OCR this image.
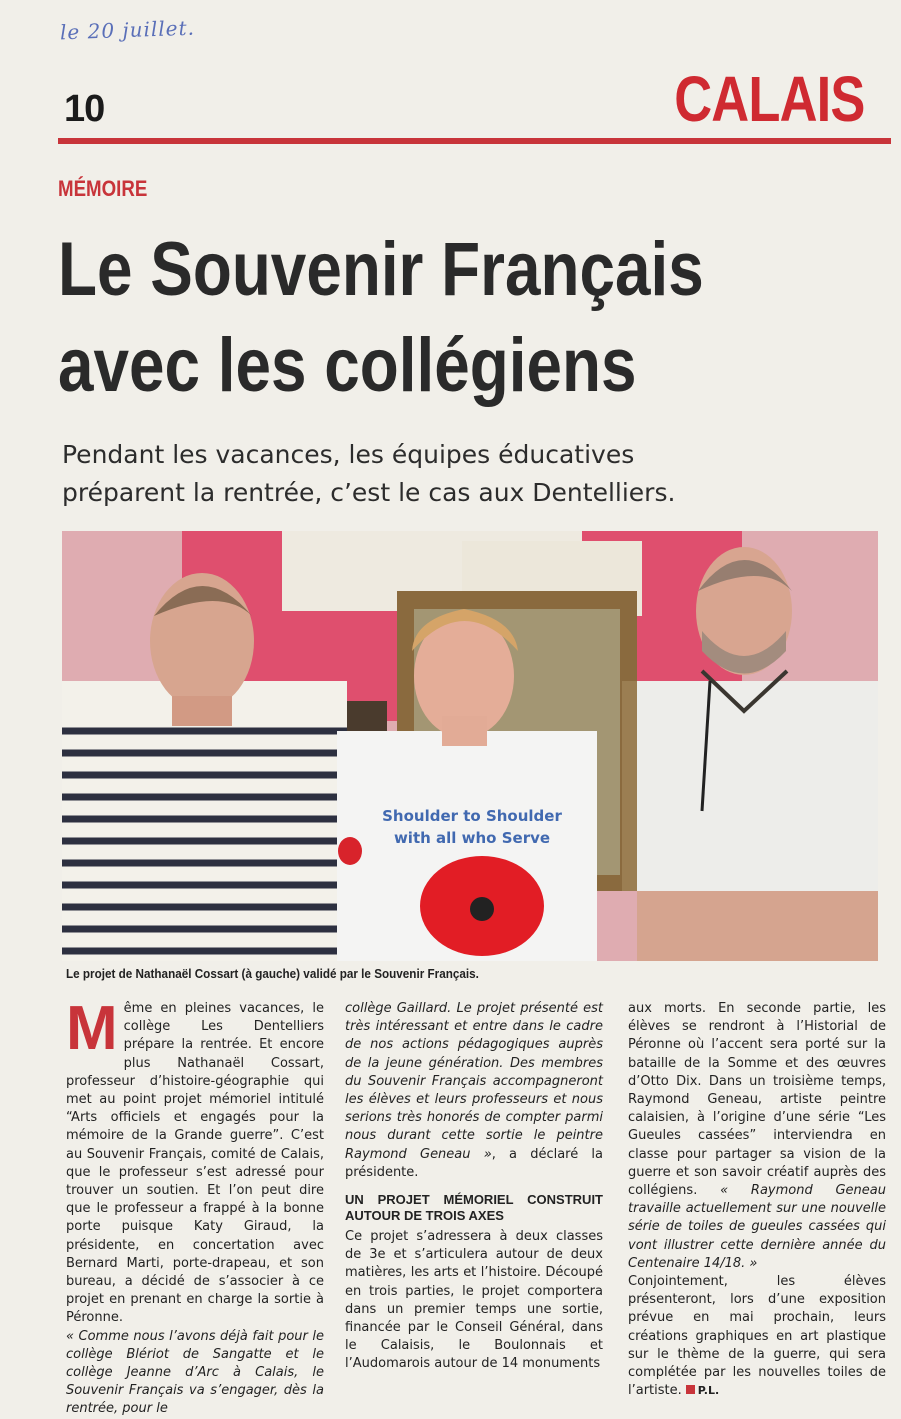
le 20 juillet.
10	CALAIS
MÉMOIRE
Le Souvenir Français
avec les collégiens

Pendant les vacances, les équipes éducatives
préparent la rentrée, c’est le cas aux Dentelliers.

Shoulder to Shoulder
with all who Serve
Le projet de Nathanaël Cossart (à gauche) validé par le Souvenir Français.
M ême en pleines vacances, le collège Les Dentelliers prépare la rentrée. Et encore plus Nathanaël Cossart, professeur d’histoire-géographie qui met au point projet mémoriel intitulé “Arts officiels et engagés pour la mémoire de la Grande guerre”. C’est au Souvenir Français, comité de Calais, que le professeur s’est adressé pour trouver un soutien. Et l’on peut dire que le professeur a frappé à la bonne porte puisque Katy Giraud, la présidente, en concertation avec Bernard Marti, porte-drapeau, et son bureau, a décidé de s’associer à ce projet en prenant en charge la sortie à Péronne.

« Comme nous l’avons déjà fait pour le collège Blériot de Sangatte et le collège Jeanne d’Arc à Calais, le Souvenir Français va s’engager, dès la rentrée, pour le

collège Gaillard. Le projet présenté est très intéressant et entre dans le cadre de nos actions pédagogiques auprès de la jeune génération. Des membres du Souvenir Français accompagneront les élèves et leurs professeurs et nous serions très honorés de compter parmi nous durant cette sortie le peintre Raymond Geneau », a déclaré la présidente.

UN PROJET MÉMORIEL CONSTRUIT AUTOUR DE TROIS AXES

Ce projet s’adressera à deux classes de 3e et s’articulera autour de deux matières, les arts et l’histoire. Découpé en trois parties, le projet comportera dans un premier temps une sortie, financée par le Conseil Général, dans le Calaisis, le Boulonnais et l’Audomarois autour de 14 monuments

aux morts. En seconde partie, les élèves se rendront à l’Historial de Péronne où l’accent sera porté sur la bataille de la Somme et des œuvres d’Otto Dix. Dans un troisième temps, Raymond Geneau, artiste peintre calaisien, à l’origine d’une série “Les Gueules cassées” interviendra en classe pour partager sa vision de la guerre et son savoir créatif auprès des collégiens. « Raymond Geneau travaille actuellement sur une nouvelle série de toiles de gueules cassées qui vont illustrer cette dernière année du Centenaire 14/18. »

Conjointement, les élèves présenteront, lors d’une exposition prévue en mai prochain, leurs créations graphiques en art plastique sur le thème de la guerre, qui sera complétée par les nouvelles toiles de l’artiste. P.L.
